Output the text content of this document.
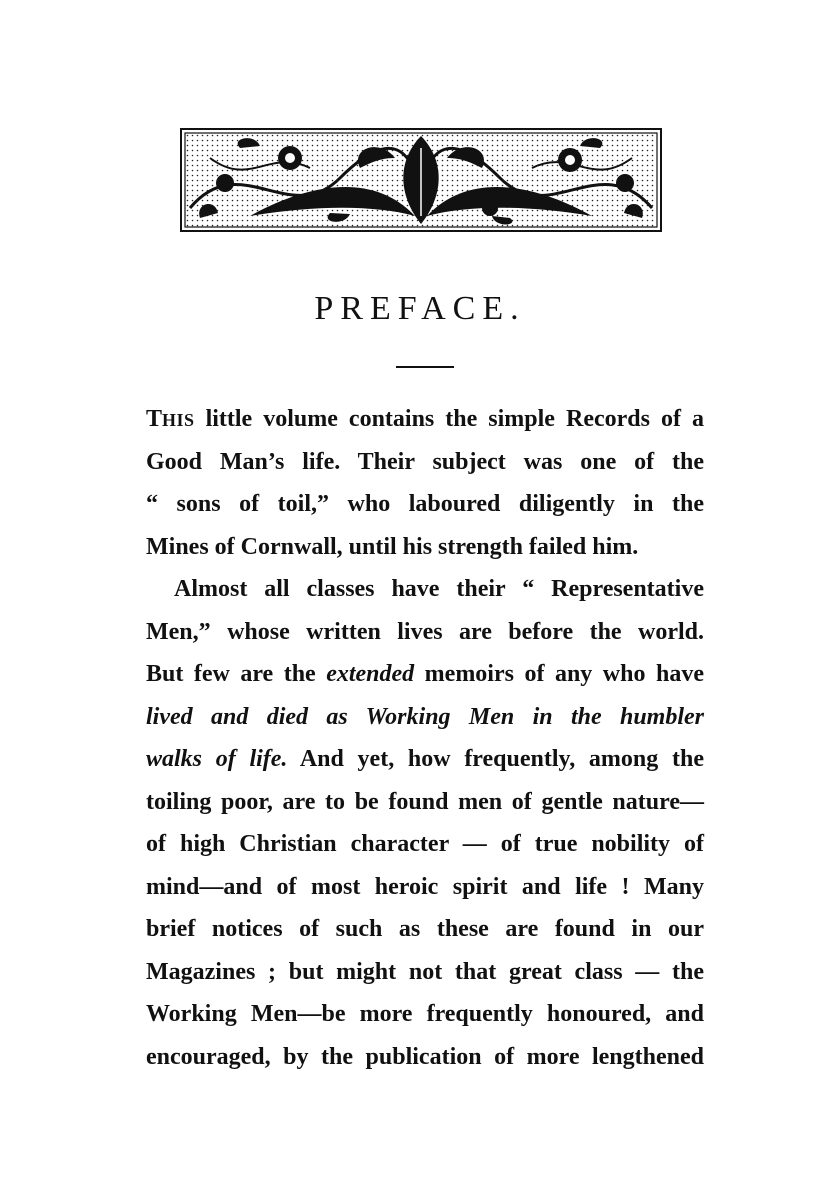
PREFACE.
THIS little volume contains the simple Records of a
Good Man’s life. Their subject was one of the
“ sons of toil,” who laboured diligently in the
Mines of Cornwall, until his strength failed him.
Almost all classes have their “ Representative
Men,” whose written lives are before the world.
But few are the extended memoirs of any who have
lived and died as Working Men in the humbler
walks of life. And yet, how frequently, among the
toiling poor, are to be found men of gentle nature—
of high Christian character — of true nobility of
mind—and of most heroic spirit and life ! Many
brief notices of such as these are found in our
Magazines ; but might not that great class — the
Working Men—be more frequently honoured, and
encouraged, by the publication of more lengthened
